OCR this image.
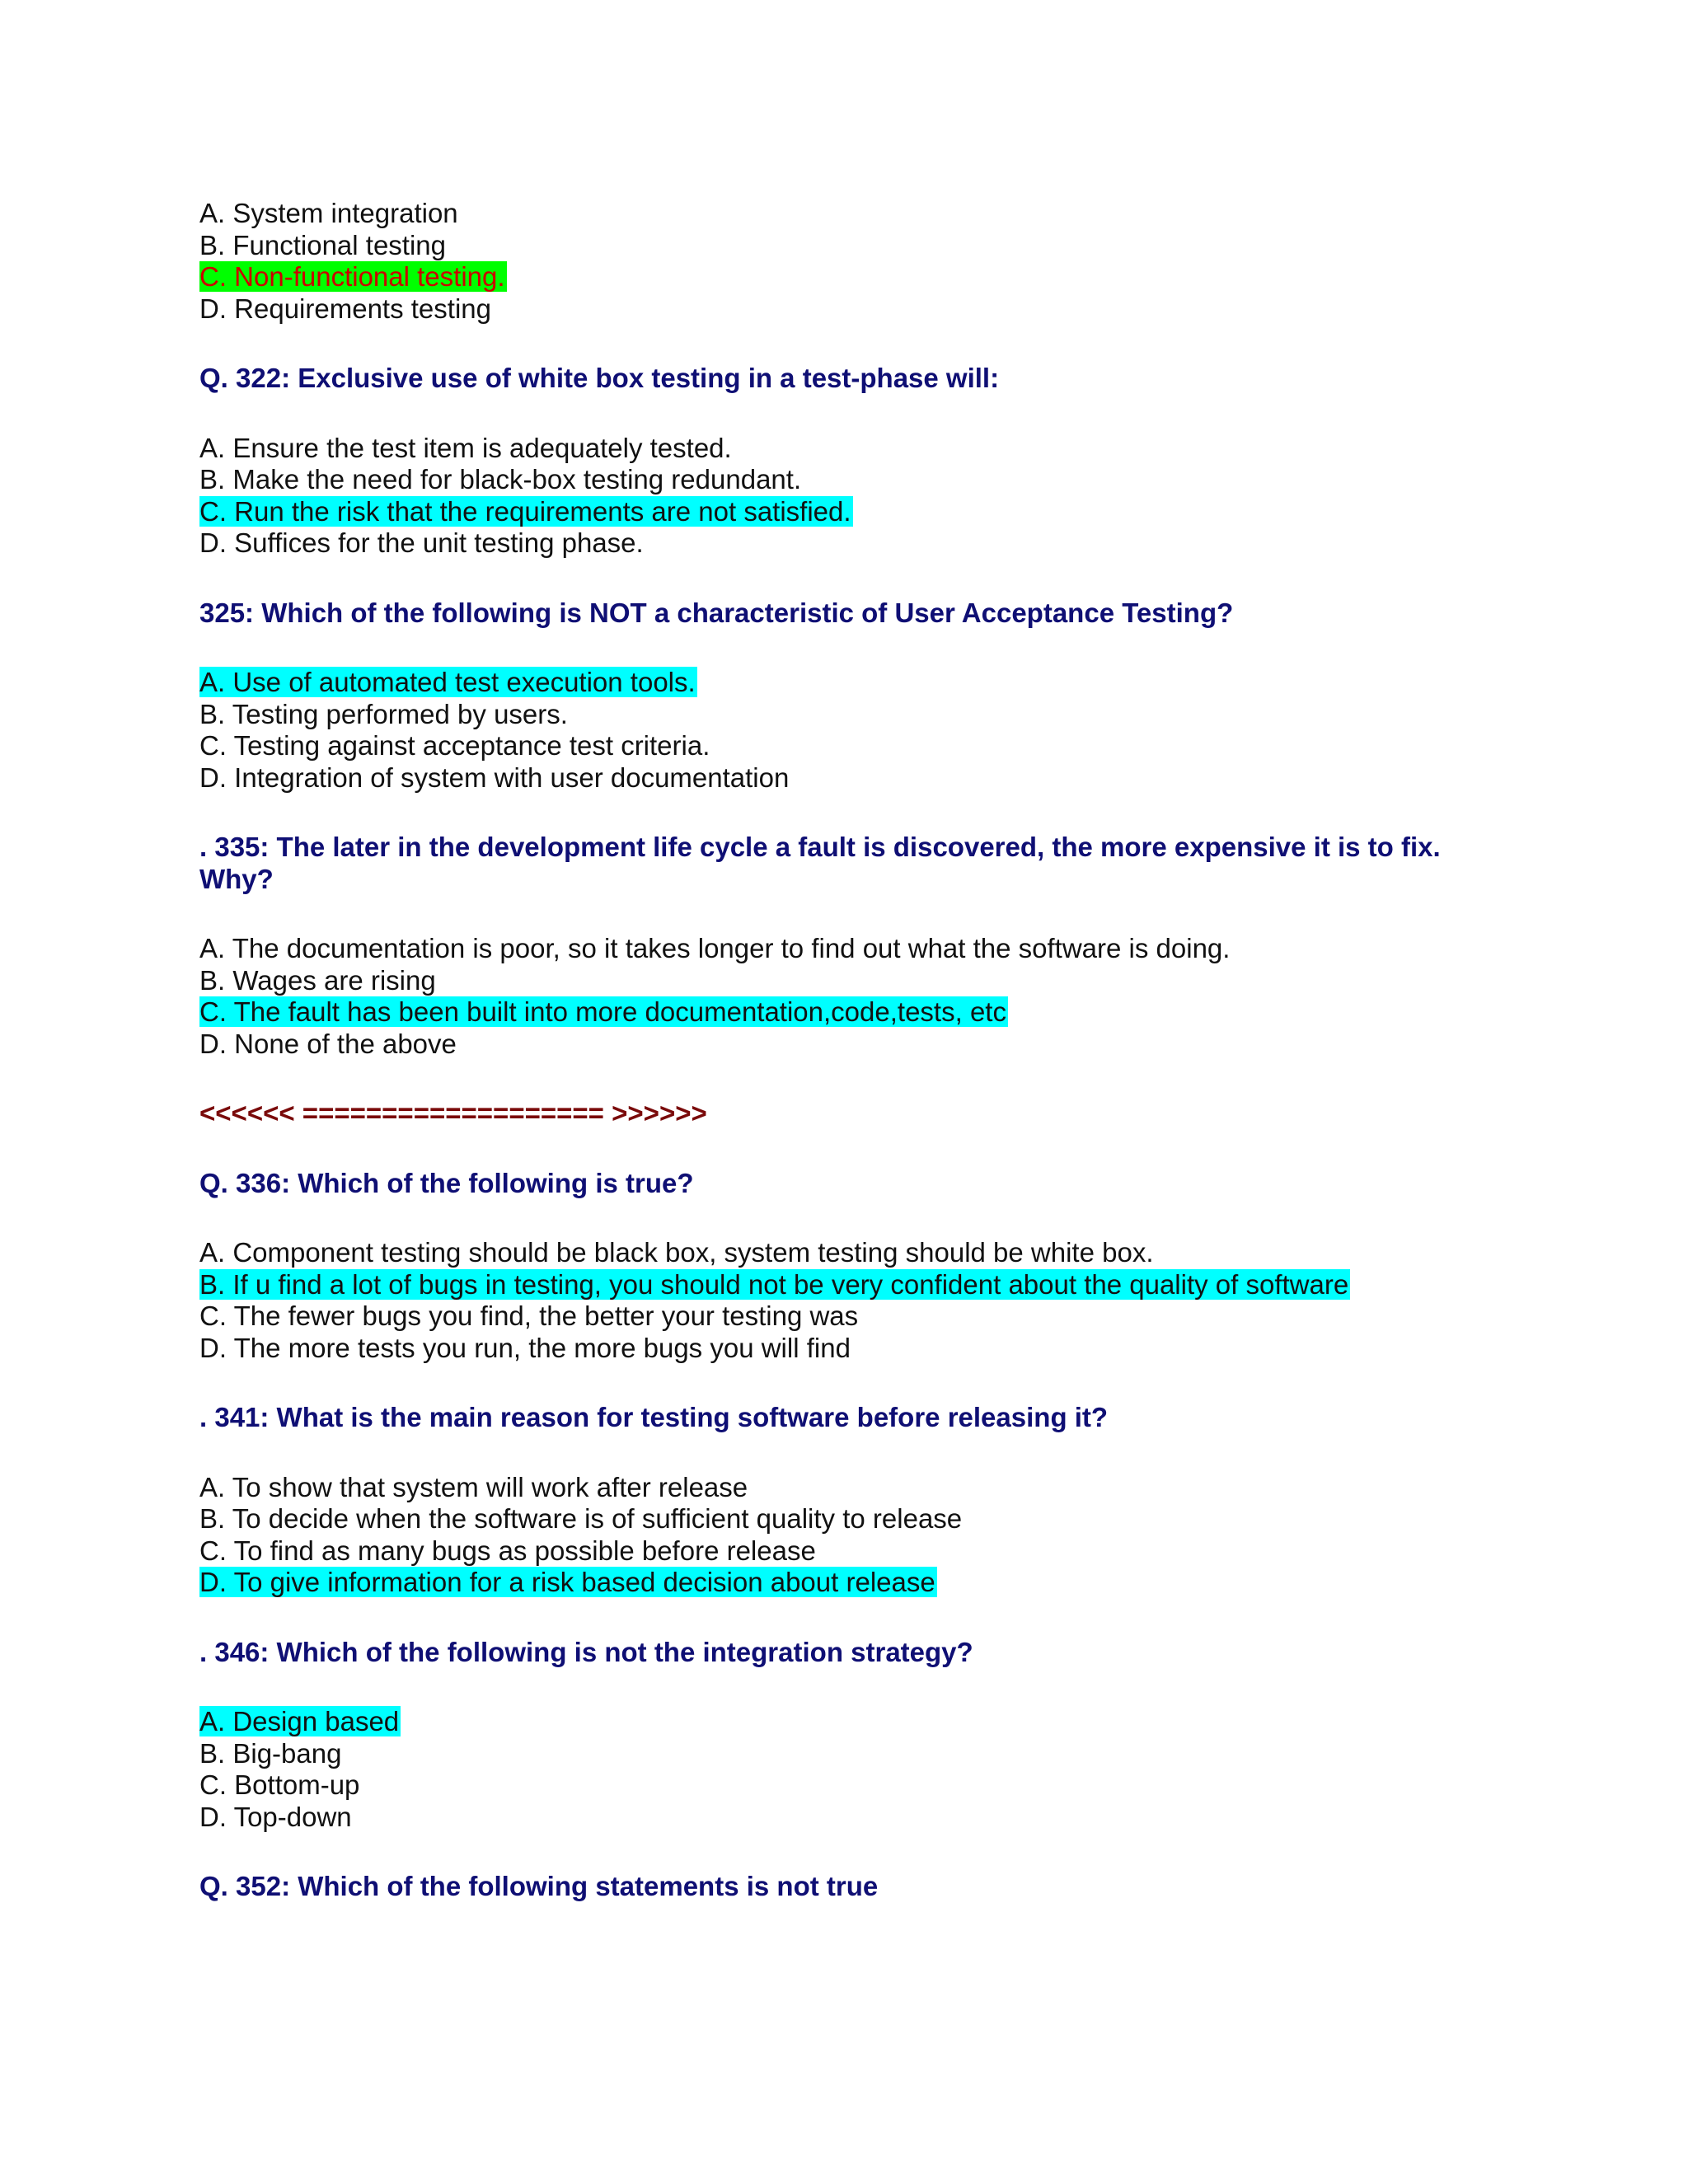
A. System integration
B. Functional testing
C. Non-functional testing.
D. Requirements testing
Q. 322: Exclusive use of white box testing in a test-phase will:
A. Ensure the test item is adequately tested.
B. Make the need for black-box testing redundant.
C. Run the risk that the requirements are not satisfied.
D. Suffices for the unit testing phase.
325: Which of the following is NOT a characteristic of User Acceptance Testing?
A. Use of automated test execution tools.
B. Testing performed by users.
C. Testing against acceptance test criteria.
D. Integration of system with user documentation
. 335: The later in the development life cycle a fault is discovered, the more expensive it is to fix.
Why?
A. The documentation is poor, so it takes longer to find out what the software is doing.
B. Wages are rising
C. The fault has been built into more documentation,code,tests, etc
D. None of the above
<<<<<< =================== >>>>>>
Q. 336: Which of the following is true?
A. Component testing should be black box, system testing should be white box.
B. If u find a lot of bugs in testing, you should not be very confident about the quality of software
C. The fewer bugs you find, the better your testing was
D. The more tests you run, the more bugs you will find
. 341: What is the main reason for testing software before releasing it?
A. To show that system will work after release
B. To decide when the software is of sufficient quality to release
C. To find as many bugs as possible before release
D. To give information for a risk based decision about release
. 346: Which of the following is not the integration strategy?
A. Design based
B. Big-bang
C. Bottom-up
D. Top-down
Q. 352: Which of the following statements is not true
